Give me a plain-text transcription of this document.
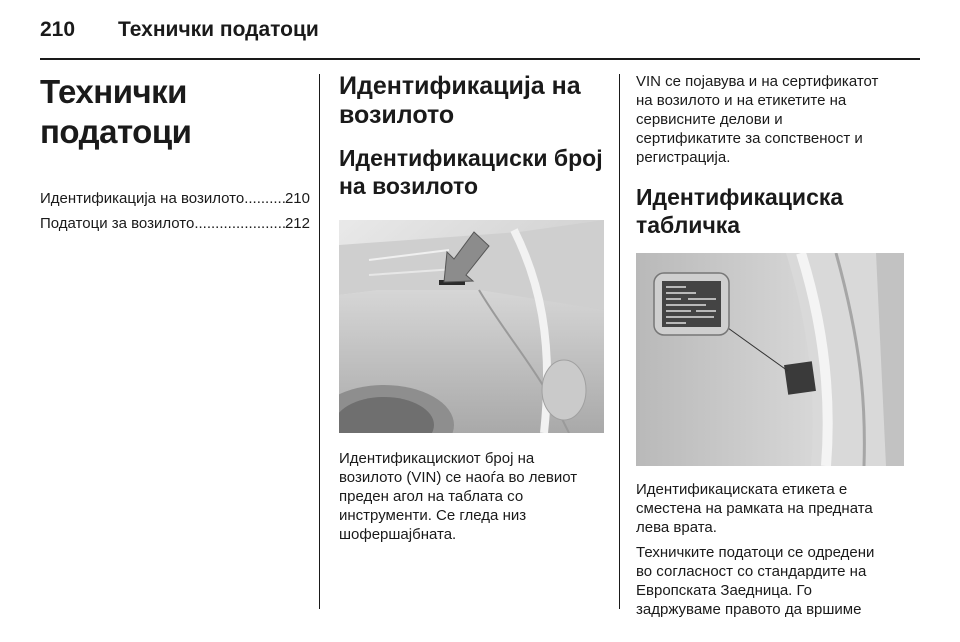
210 Технички податоци
Технички податоци
Идентификација на возилото .....	210
Податоци за возилото .....	212
Идентификација на
возилото
Идентификациски број
на возилото

Идентификацискиот број на

возилото (VIN) се наоѓа во левиот

преден агол на таблата со

инструменти. Се гледа низ

шофершајбната.

VIN се појавува и на сертификатот

на возилото и на етикетите на

сервисните делови и

сертификатите за сопственост и

регистрација.

Идентификациска
табличка

Идентификациската етикета е

сместена на рамката на предната

лева врата.

Техничките податоци се одредени

во согласност со стандардите на

Европската Заедница. Го

задржуваме правото да вршиме
